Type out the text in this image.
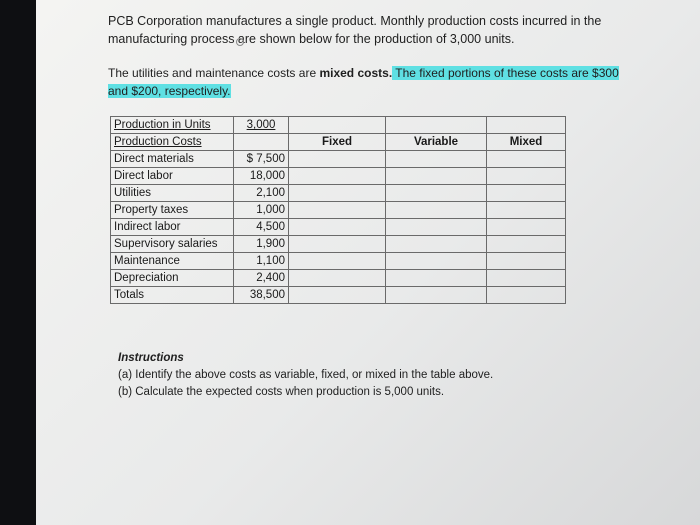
PCB Corporation manufactures a single product. Monthly production costs incurred in the
manufacturing process are shown below for the production of 3,000 units.
The utilities and maintenance costs are mixed costs. The fixed portions of these costs are $300
and $200, respectively.
Production in Units	3,000			
Production Costs		Fixed	Variable	Mixed
Direct materials	$ 7,500			
Direct labor	18,000			
Utilities	2,100			
Property taxes	1,000			
Indirect labor	4,500			
Supervisory salaries	1,900			
Maintenance	1,100			
Depreciation	2,400			
Totals	38,500			
Instructions
(a) Identify the above costs as variable, fixed, or mixed in the table above.
(b) Calculate the expected costs when production is 5,000 units.
